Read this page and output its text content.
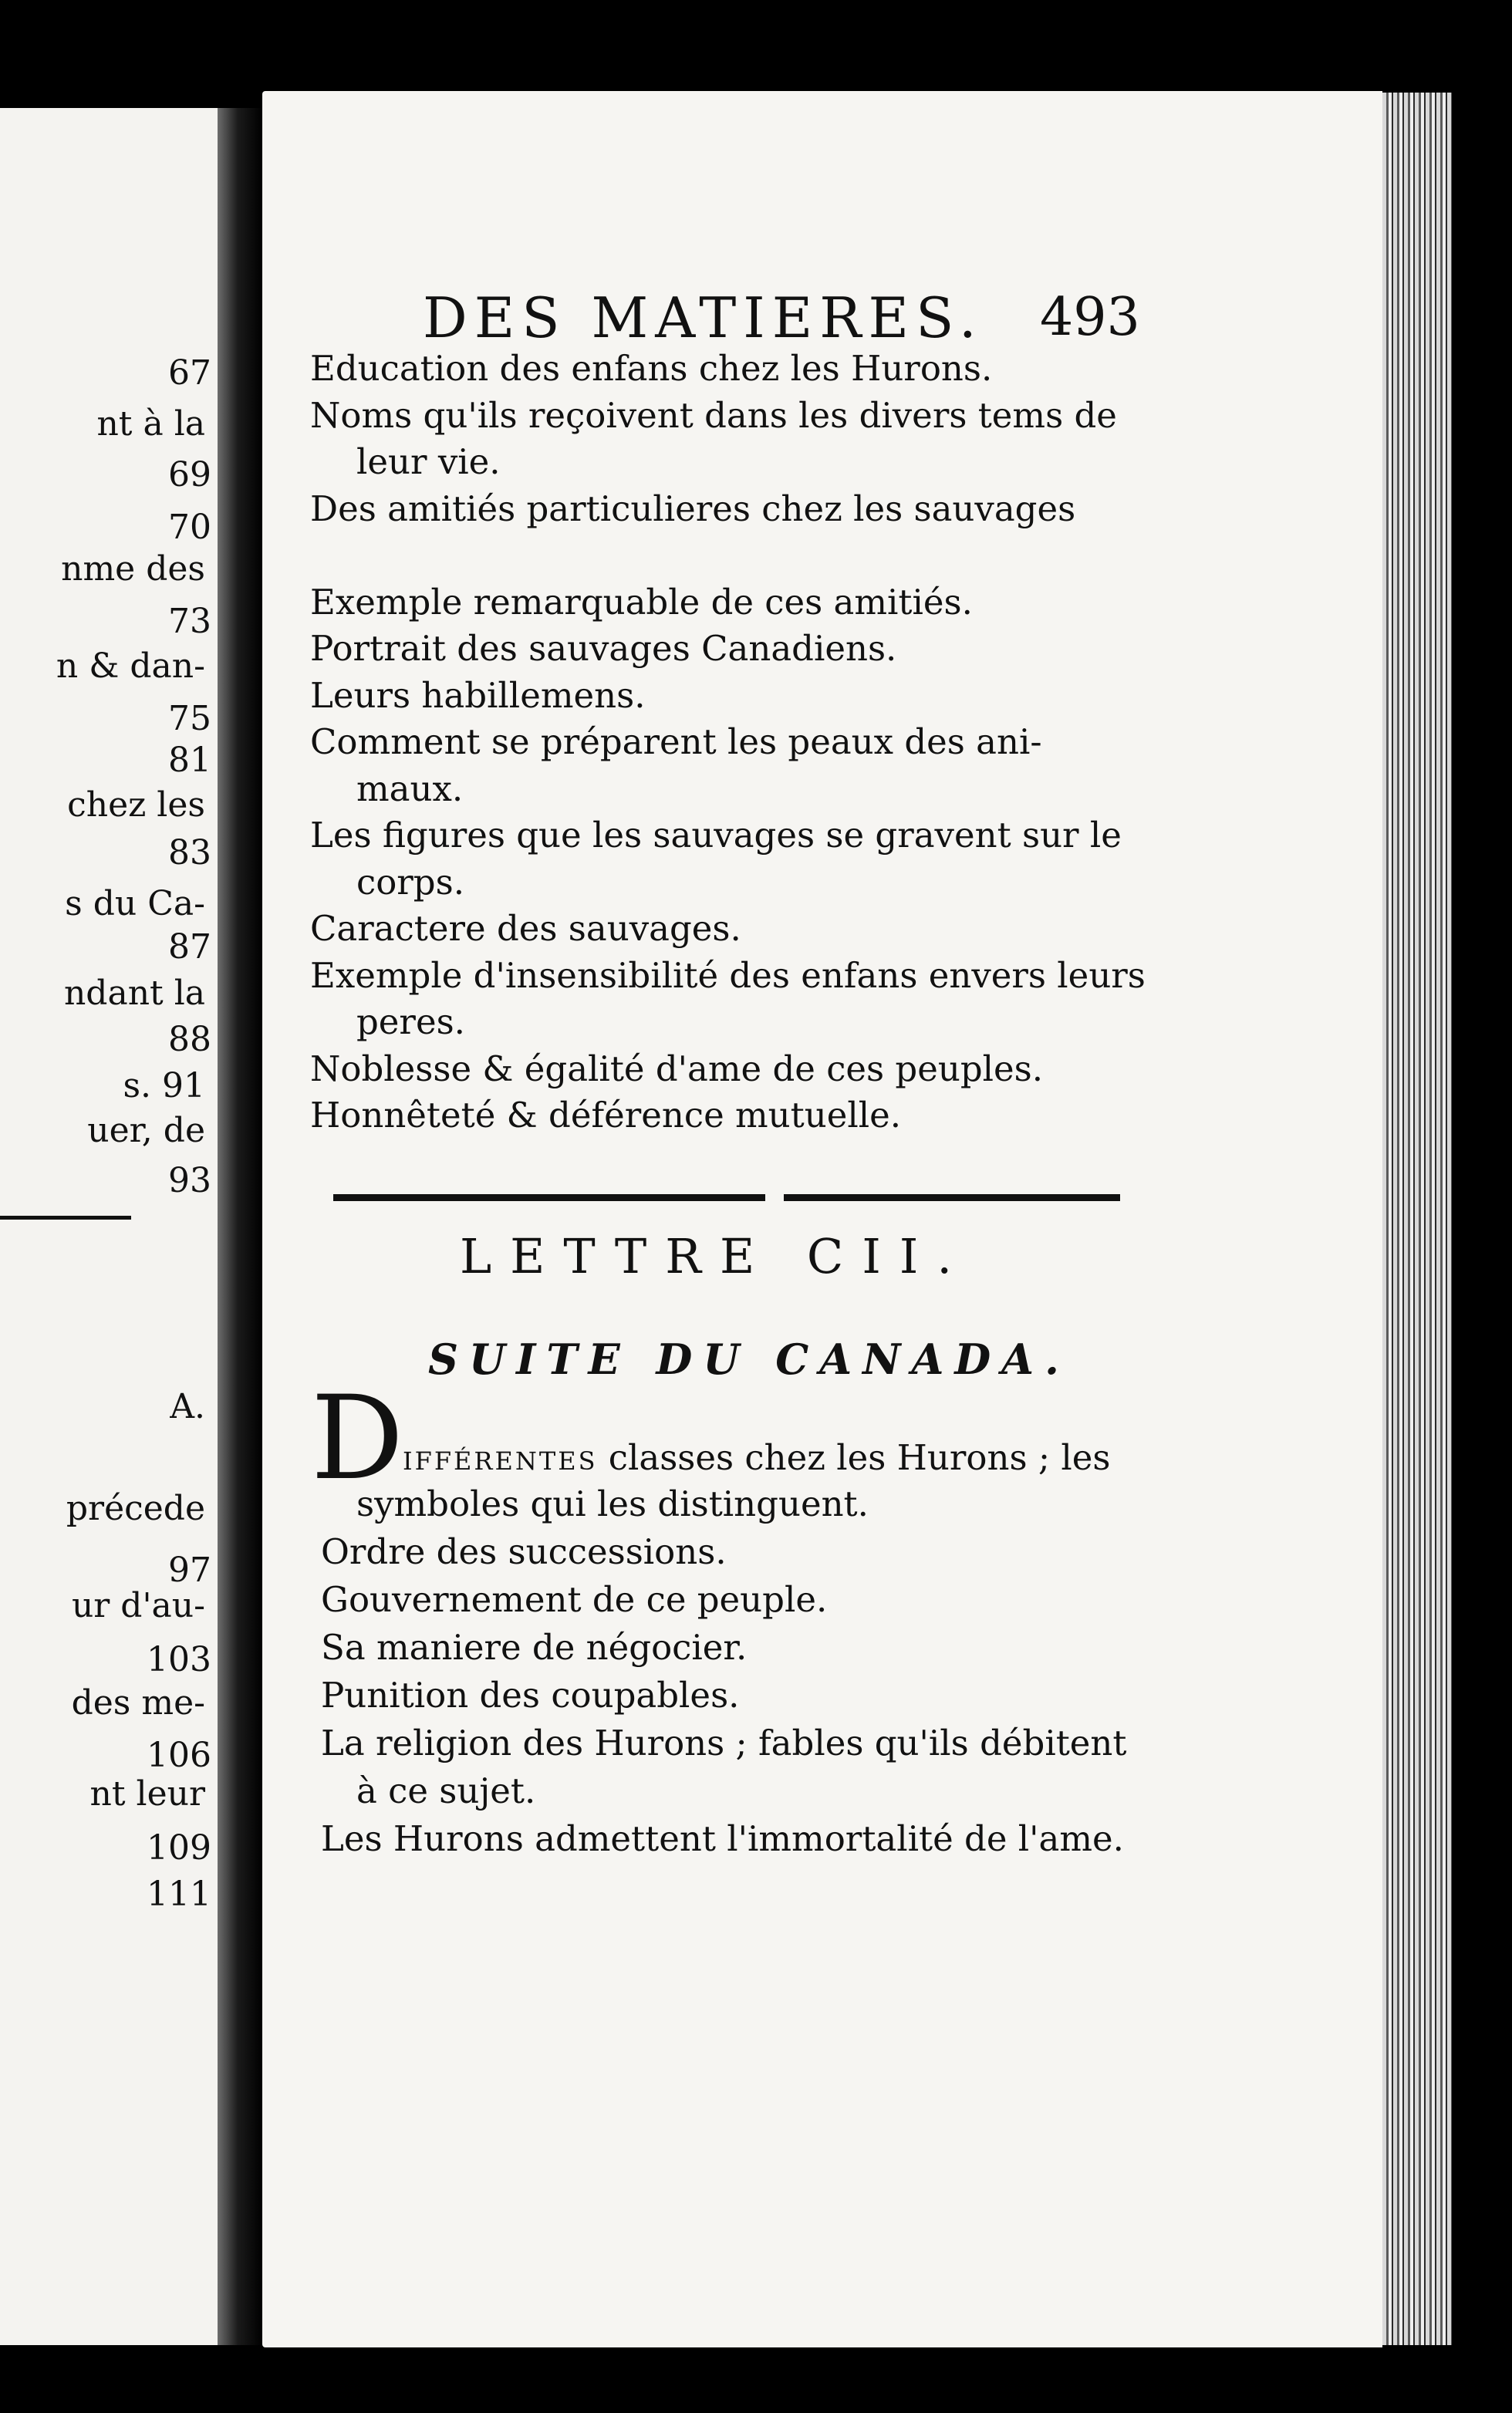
67
nt à la
69
70
nme des
73
n & dan-
75
81
chez les
83
s du Ca-
87
ndant la
88
s. 91
uer, de
93
A.
précede
97
ur d'au-
103
des me-
106
nt leur
109
111
DES MATIERES. 493
Education des enfans chez les Hurons.
Noms qu'ils reçoivent dans les divers tems de
leur vie.
Des amitiés particulieres chez les sauvages
Exemple remarquable de ces amitiés.
Portrait des sauvages Canadiens.
Leurs habillemens.
Comment se préparent les peaux des ani-
maux.
Les figures que les sauvages se gravent sur le
corps.
Caractere des sauvages.
Exemple d'insensibilité des enfans envers leurs
peres.
Noblesse & égalité d'ame de ces peuples.
Honnêteté & déférence mutuelle.
LETTRE CII.
SUITE DU CANADA.
D
ifférentes classes chez les Hurons ; les
symboles qui les distinguent.
Ordre des successions.
Gouvernement de ce peuple.
Sa maniere de négocier.
Punition des coupables.
La religion des Hurons ; fables qu'ils débitent
à ce sujet.
Les Hurons admettent l'immortalité de l'ame.
